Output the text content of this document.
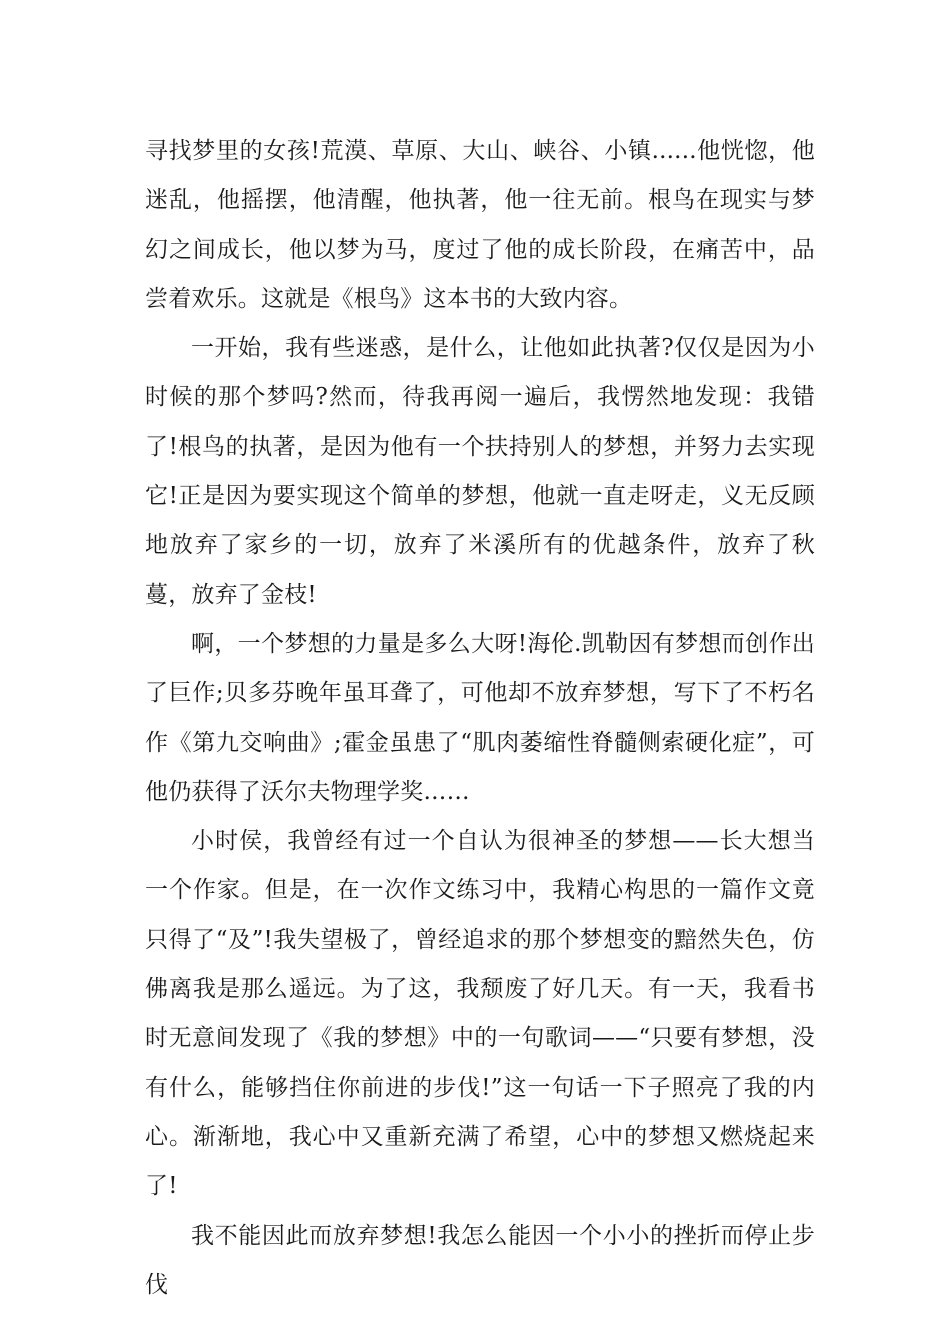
寻找梦里的女孩!荒漠、草原、大山、峡谷、小镇......他恍惚，他迷乱，他摇摆，他清醒，他执著，他一往无前。根鸟在现实与梦幻之间成长，他以梦为马，度过了他的成长阶段，在痛苦中，品尝着欢乐。这就是《根鸟》这本书的大致内容。

一开始，我有些迷惑，是什么，让他如此执著?仅仅是因为小时候的那个梦吗?然而，待我再阅一遍后，我愣然地发现：我错了!根鸟的执著，是因为他有一个扶持别人的梦想，并努力去实现它!正是因为要实现这个简单的梦想，他就一直走呀走，义无反顾地放弃了家乡的一切，放弃了米溪所有的优越条件，放弃了秋蔓，放弃了金枝!

啊，一个梦想的力量是多么大呀!海伦.凯勒因有梦想而创作出了巨作;贝多芬晚年虽耳聋了，可他却不放弃梦想，写下了不朽名作《第九交响曲》;霍金虽患了“肌肉萎缩性脊髓侧索硬化症”，可他仍获得了沃尔夫物理学奖……

小时侯，我曾经有过一个自认为很神圣的梦想——长大想当一个作家。但是，在一次作文练习中，我精心构思的一篇作文竟只得了“及”!我失望极了，曾经追求的那个梦想变的黯然失色，仿佛离我是那么遥远。为了这，我颓废了好几天。有一天，我看书时无意间发现了《我的梦想》中的一句歌词——“只要有梦想，没有什么，能够挡住你前进的步伐!”这一句话一下子照亮了我的内心。渐渐地，我心中又重新充满了希望，心中的梦想又燃烧起来了!

我不能因此而放弃梦想!我怎么能因一个小小的挫折而停止步伐
